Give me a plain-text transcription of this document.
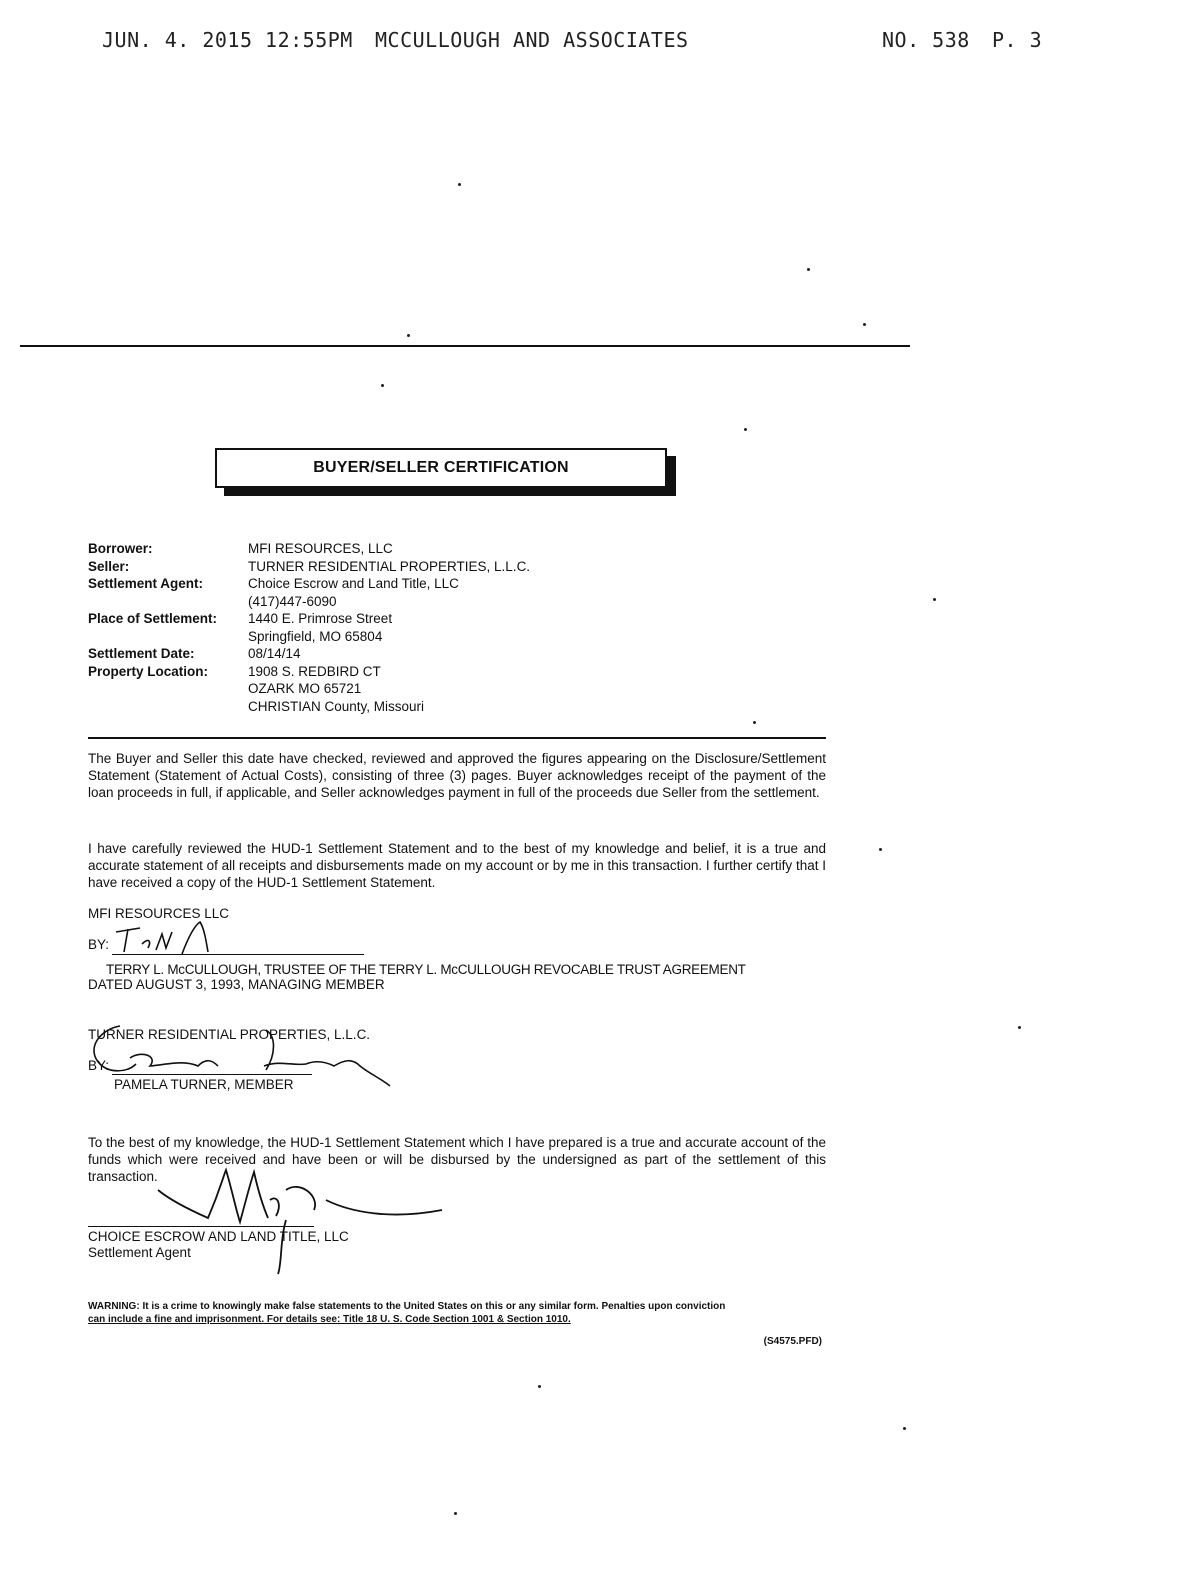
JUN. 4. 2015 12:55PM MCCULLOUGH AND ASSOCIATES	NO. 538 P. 3
BUYER/SELLER CERTIFICATION
Borrower:	MFI RESOURCES, LLC
Seller:	TURNER RESIDENTIAL PROPERTIES, L.L.C.
Settlement Agent:	Choice Escrow and Land Title, LLC
(417)447-6090
Place of Settlement:	1440 E. Primrose Street
Springfield, MO 65804
Settlement Date:	08/14/14
Property Location:	1908 S. REDBIRD CT
OZARK MO 65721
CHRISTIAN County, Missouri
The Buyer and Seller this date have checked, reviewed and approved the figures appearing on the Disclosure/Settlement Statement (Statement of Actual Costs), consisting of three (3) pages. Buyer acknowledges receipt of the payment of the loan proceeds in full, if applicable, and Seller acknowledges payment in full of the proceeds due Seller from the settlement.
I have carefully reviewed the HUD-1 Settlement Statement and to the best of my knowledge and belief, it is a true and accurate statement of all receipts and disbursements made on my account or by me in this transaction. I further certify that I have received a copy of the HUD-1 Settlement Statement.
MFI RESOURCES LLC
BY:
TERRY L. McCULLOUGH, TRUSTEE OF THE TERRY L. McCULLOUGH REVOCABLE TRUST AGREEMENT
DATED AUGUST 3, 1993, MANAGING MEMBER
TURNER RESIDENTIAL PROPERTIES, L.L.C.
BY:
PAMELA TURNER, MEMBER
To the best of my knowledge, the HUD-1 Settlement Statement which I have prepared is a true and accurate account of the funds which were received and have been or will be disbursed by the undersigned as part of the settlement of this transaction.
CHOICE ESCROW AND LAND TITLE, LLC
Settlement Agent
WARNING: It is a crime to knowingly make false statements to the United States on this or any similar form. Penalties upon conviction
can include a fine and imprisonment. For details see: Title 18 U. S. Code Section 1001 & Section 1010.
(S4575.PFD)
